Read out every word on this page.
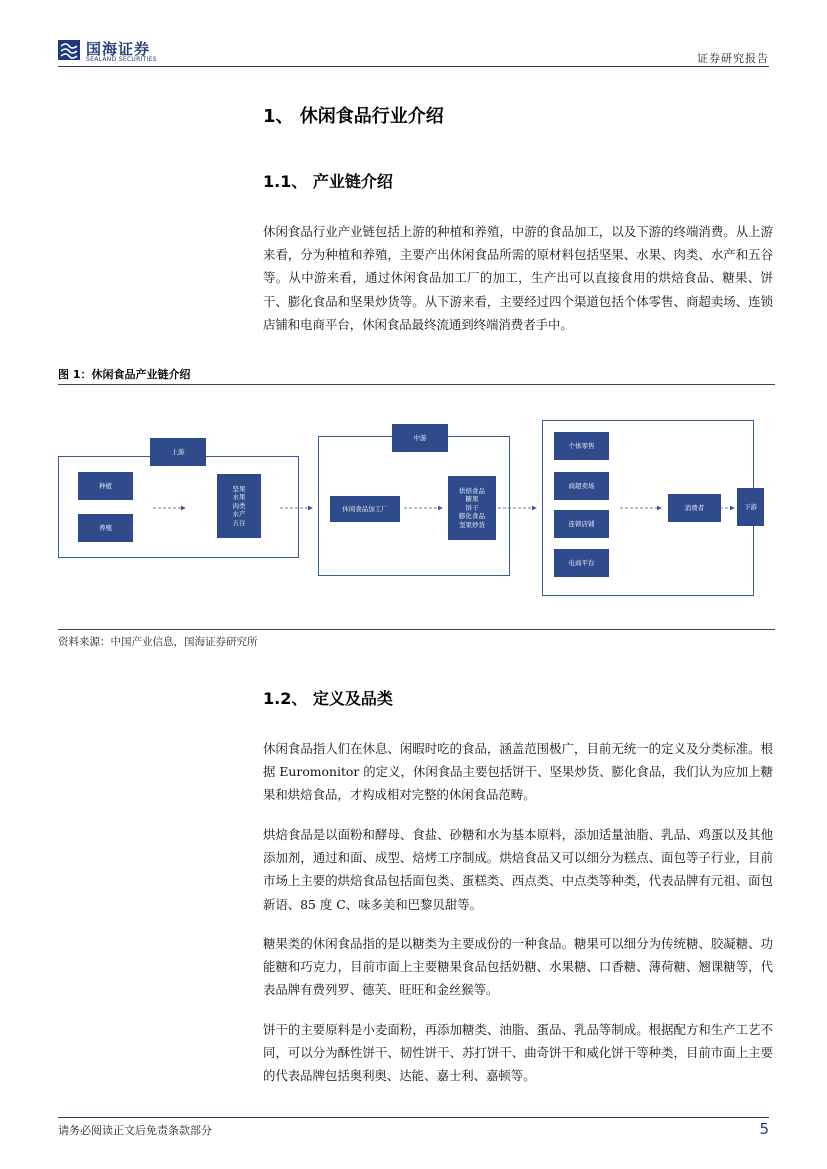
国海证券
SEALAND SECURITIES	证券研究报告
1、 休闲食品行业介绍
1.1、 产业链介绍

休闲食品行业产业链包括上游的种植和养殖，中游的食品加工，以及下游的终端消费。从上游来看，分为种植和养殖，主要产出休闲食品所需的原材料包括坚果、水果、肉类、水产和五谷等。从中游来看，通过休闲食品加工厂的加工，生产出可以直接食用的烘焙食品、糖果、饼干、膨化食品和坚果炒货等。从下游来看，主要经过四个渠道包括个体零售、商超卖场、连锁店铺和电商平台，休闲食品最终流通到终端消费者手中。

图 1：休闲食品产业链介绍
上游
种植
养殖
坚果
水果
肉类
水产
五谷
中游
休闲食品加工厂
烘焙食品
糖果
饼干
膨化食品
坚果炒货
个体零售
商超卖场
连锁店铺
电商平台
消费者	下游
资料来源：中国产业信息，国海证券研究所
1.2、 定义及品类

休闲食品指人们在休息、闲暇时吃的食品，涵盖范围极广，目前无统一的定义及分类标准。根据 Euromonitor 的定义，休闲食品主要包括饼干、坚果炒货、膨化食品，我们认为应加上糖果和烘焙食品，才构成相对完整的休闲食品范畴。

烘焙食品是以面粉和酵母、食盐、砂糖和水为基本原料，添加适量油脂、乳品、鸡蛋以及其他添加剂，通过和面、成型、焙烤工序制成。烘焙食品又可以细分为糕点、面包等子行业，目前市场上主要的烘焙食品包括面包类、蛋糕类、西点类、中点类等种类，代表品牌有元祖、面包新语、85 度 C、味多美和巴黎贝甜等。

糖果类的休闲食品指的是以糖类为主要成份的一种食品。糖果可以细分为传统糖、胶凝糖、功能糖和巧克力，目前市面上主要糖果食品包括奶糖、水果糖、口香糖、薄荷糖、翘课糖等，代表品牌有费列罗、德芙、旺旺和金丝猴等。

饼干的主要原料是小麦面粉，再添加糖类、油脂、蛋品、乳品等制成。根据配方和生产工艺不同，可以分为酥性饼干、韧性饼干、苏打饼干、曲奇饼干和威化饼干等种类，目前市面上主要的代表品牌包括奥利奥、达能、嘉士利、嘉顿等。

请务必阅读正文后免责条款部分	5
